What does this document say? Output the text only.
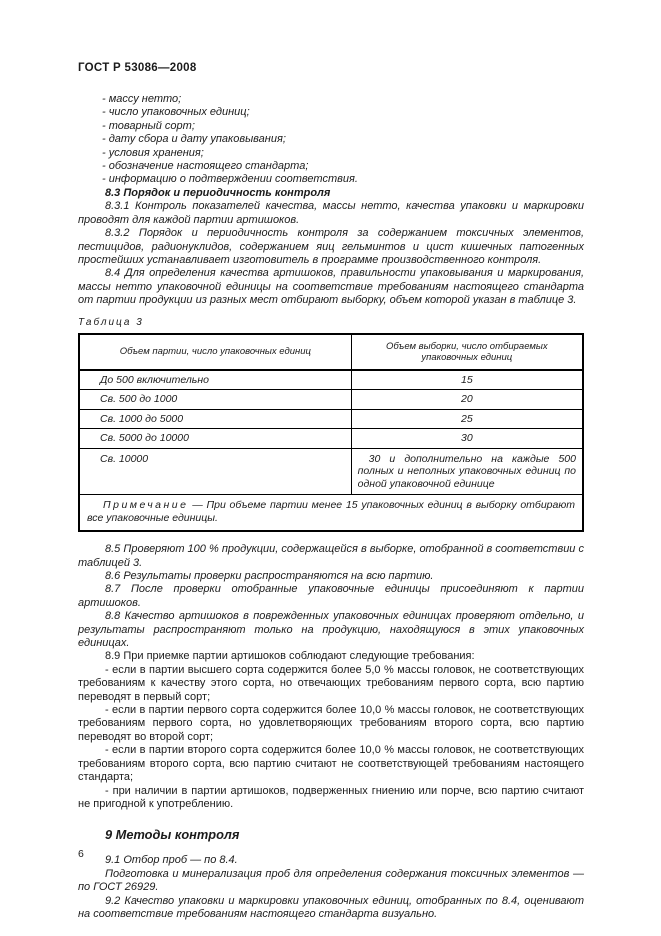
ГОСТ Р 53086—2008
- массу нетто;
- число упаковочных единиц;
- товарный сорт;
- дату сбора и дату упаковывания;
- условия хранения;
- обозначение настоящего стандарта;
- информацию о подтверждении соответствия.

8.3 Порядок и периодичность контроля

8.3.1 Контроль показателей качества, массы нетто, качества упаковки и маркировки проводят для каждой партии артишоков.

8.3.2 Порядок и периодичность контроля за содержанием токсичных элементов, пестицидов, радионуклидов, содержанием яиц гельминтов и цист кишечных патогенных простейших устанавливает изготовитель в программе производственного контроля.

8.4 Для определения качества артишоков, правильности упаковывания и маркирования, массы нетто упаковочной единицы на соответствие требованиям настоящего стандарта от партии продукции из разных мест отбирают выборку, объем которой указан в таблице 3.

Таблица 3
Объем партии, число упаковочных единиц	Объем выборки, число отбираемых упаковочных единиц
До 500 включительно	15
Св. 500 до 1000	20
Св. 1000 до 5000	25
Св. 5000 до 10000	30
Св. 10000	30 и дополнительно на каждые 500 полных и неполных упаковочных единиц по одной упаковочной единице
Примечание — При объеме партии менее 15 упаковочных единиц в выборку отбирают все упаковочные единицы.	

8.5 Проверяют 100 % продукции, содержащейся в выборке, отобранной в соответствии с таблицей 3.

8.6 Результаты проверки распространяются на всю партию.

8.7 После проверки отобранные упаковочные единицы присоединяют к партии артишоков.

8.8 Качество артишоков в поврежденных упаковочных единицах проверяют отдельно, и результаты распространяют только на продукцию, находящуюся в этих упаковочных единицах.

8.9 При приемке партии артишоков соблюдают следующие требования:

- если в партии высшего сорта содержится более 5,0 % массы головок, не соответствующих требованиям к качеству этого сорта, но отвечающих требованиям первого сорта, всю партию переводят в первый сорт;

- если в партии первого сорта содержится более 10,0 % массы головок, не соответствующих требованиям первого сорта, но удовлетворяющих требованиям второго сорта, всю партию переводят во второй сорт;

- если в партии второго сорта содержится более 10,0 % массы головок, не соответствующих требованиям второго сорта, всю партию считают не соответствующей требованиям настоящего стандарта;

- при наличии в партии артишоков, подверженных гниению или порче, всю партию считают не пригодной к употреблению.

9 Методы контроля

9.1 Отбор проб — по 8.4.

Подготовка и минерализация проб для определения содержания токсичных элементов — по ГОСТ 26929.

9.2 Качество упаковки и маркировки упаковочных единиц, отобранных по 8.4, оценивают на соответствие требованиям настоящего стандарта визуально.

6
